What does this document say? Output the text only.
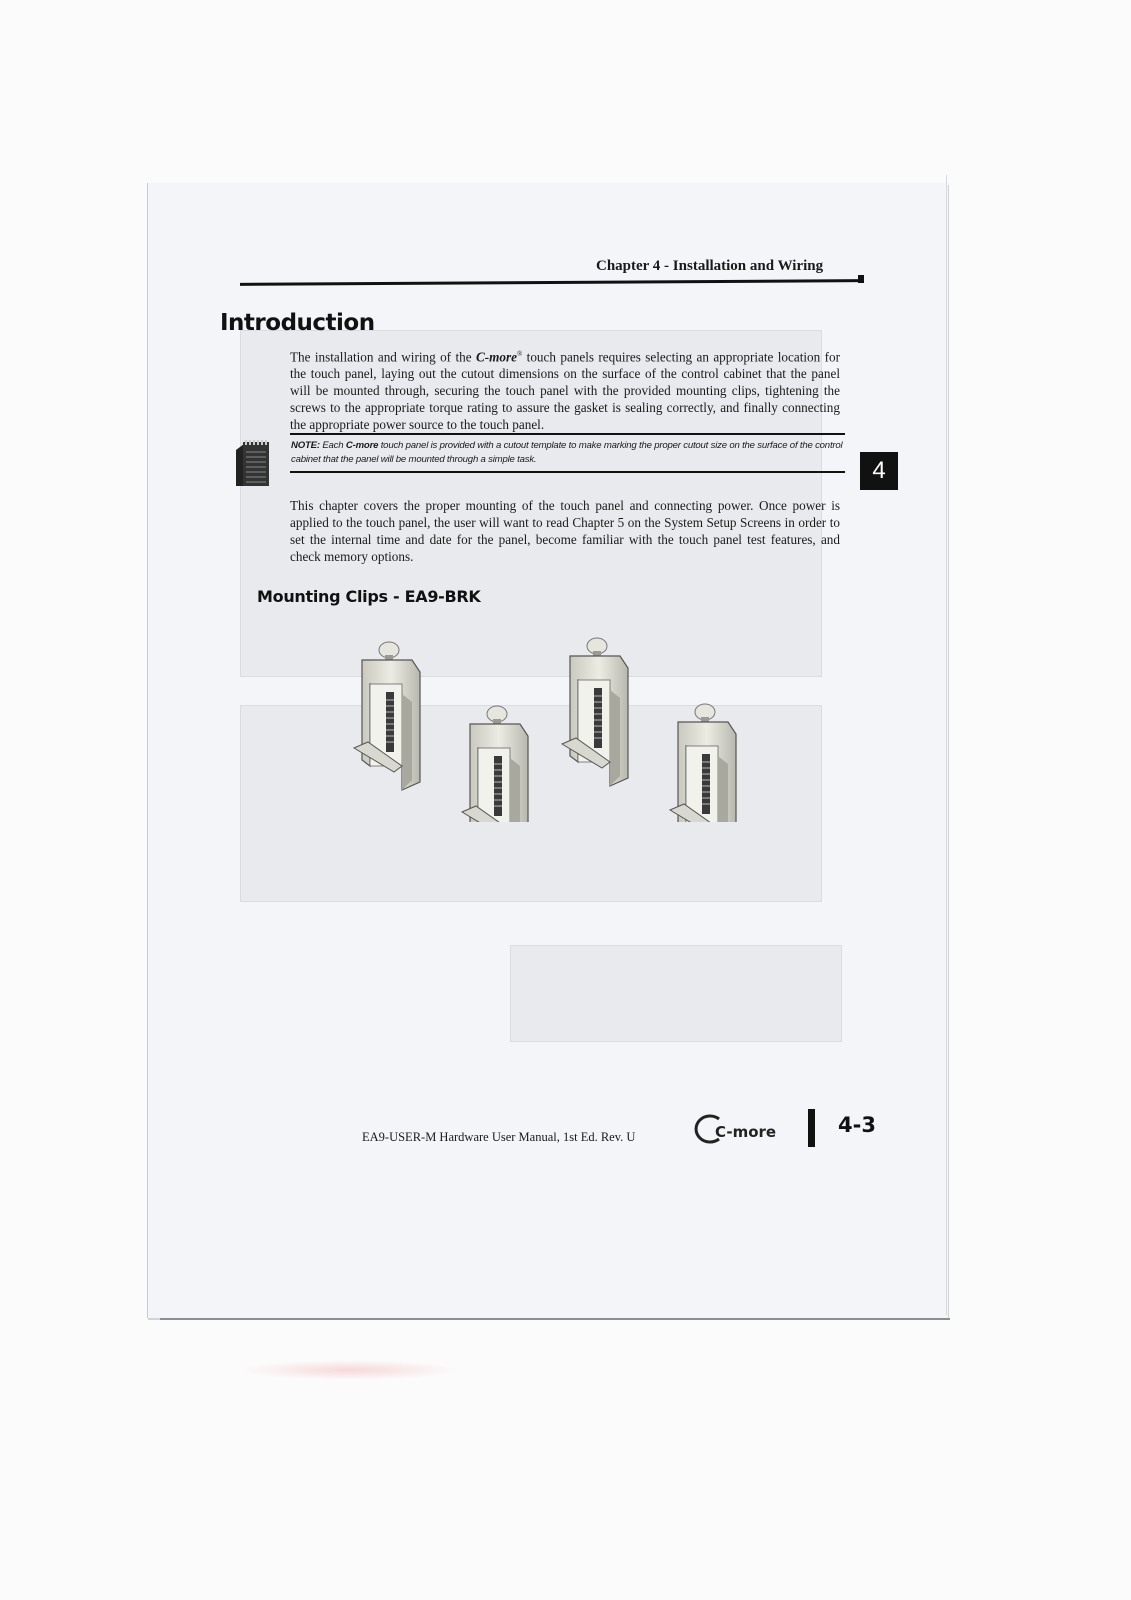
Chapter 4 - Installation and Wiring
Introduction
The installation and wiring of the C-more® touch panels requires selecting an appropriate location for the touch panel, laying out the cutout dimensions on the surface of the control cabinet that the panel will be mounted through, securing the touch panel with the provided mounting clips, tightening the screws to the appropriate torque rating to assure the gasket is sealing correctly, and finally connecting the appropriate power source to the touch panel.
NOTE: Each C-more touch panel is provided with a cutout template to make marking the proper cutout size on the surface of the control cabinet that the panel will be mounted through a simple task.	4
This chapter covers the proper mounting of the touch panel and connecting power. Once power is applied to the touch panel, the user will want to read Chapter 5 on the System Setup Screens in order to set the internal time and date for the panel, become familiar with the touch panel test features, and check memory options.
Mounting Clips - EA9-BRK
EA9-USER-M Hardware User Manual, 1st Ed. Rev. U	C-more	4-3
